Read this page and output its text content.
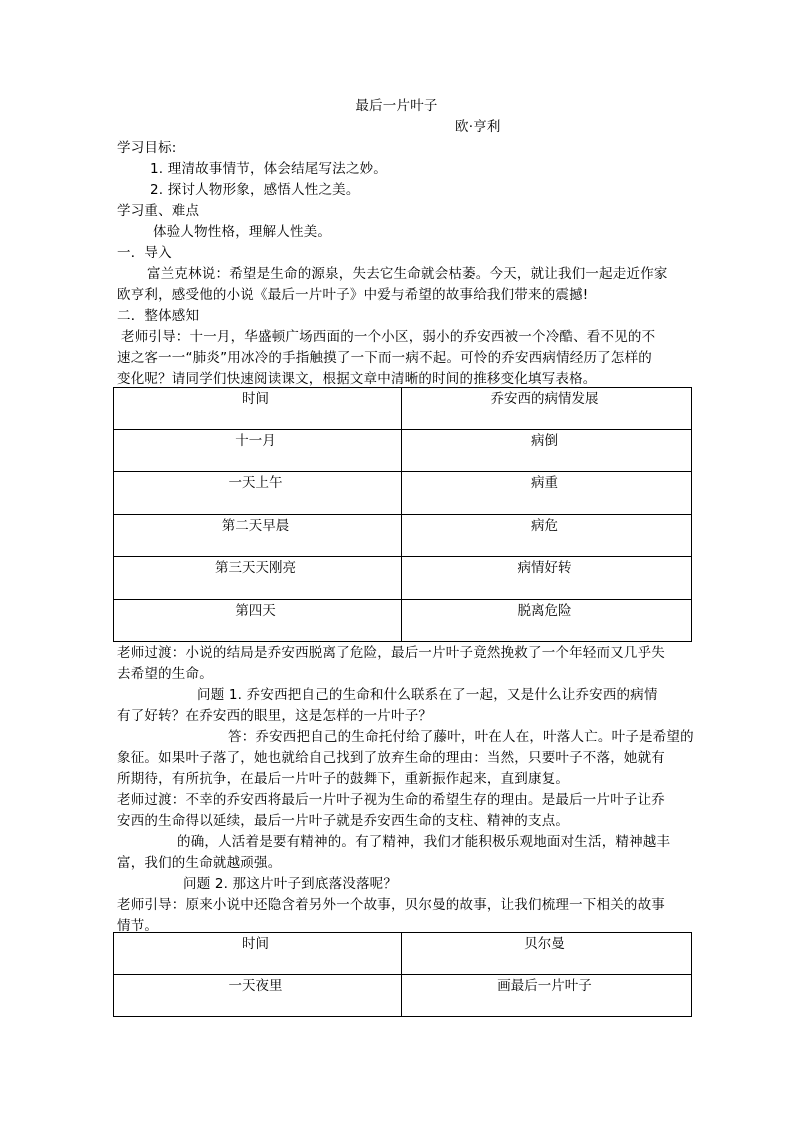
最后一片叶子
欧·亨利
学习目标:
1. 理清故事情节，体会结尾写法之妙。
2. 探讨人物形象，感悟人性之美。
学习重、难点
体验人物性格，理解人性美。
一．导入
富兰克林说：希望是生命的源泉，失去它生命就会枯萎。今天，就让我们一起走近作家
欧亨利，感受他的小说《最后一片叶子》中爱与希望的故事给我们带来的震撼!
二．整体感知
老师引导：十一月，华盛顿广场西面的一个小区，弱小的乔安西被一个冷酷、看不见的不
速之客一一“肺炎”用冰冷的手指触摸了一下而一病不起。可怜的乔安西病情经历了怎样的
变化呢？请同学们快速阅读课文，根据文章中清晰的时间的推移变化填写表格。
时间	乔安西的病情发展
十一月	病倒
一天上午	病重
第二天早晨	病危
第三天天刚亮	病情好转
第四天	脱离危险
老师过渡：小说的结局是乔安西脱离了危险，最后一片叶子竟然挽救了一个年轻而又几乎失
去希望的生命。
问题 1. 乔安西把自己的生命和什么联系在了一起，又是什么让乔安西的病情
有了好转？在乔安西的眼里，这是怎样的一片叶子？
答：乔安西把自己的生命托付给了藤叶，叶在人在，叶落人亡。叶子是希望的
象征。如果叶子落了，她也就给自己找到了放弃生命的理由：当然，只要叶子不落，她就有
所期待，有所抗争，在最后一片叶子的鼓舞下，重新振作起来，直到康复。
老师过渡：不幸的乔安西将最后一片叶子视为生命的希望生存的理由。是最后一片叶子让乔
安西的生命得以延续，最后一片叶子就是乔安西生命的支柱、精神的支点。
的确，人活着是要有精神的。有了精神，我们才能积极乐观地面对生活，精神越丰
富，我们的生命就越顽强。
问题 2. 那这片叶子到底落没落呢？
老师引导：原来小说中还隐含着另外一个故事，贝尔曼的故事，让我们梳理一下相关的故事
情节。
时间	贝尔曼
一天夜里	画最后一片叶子
